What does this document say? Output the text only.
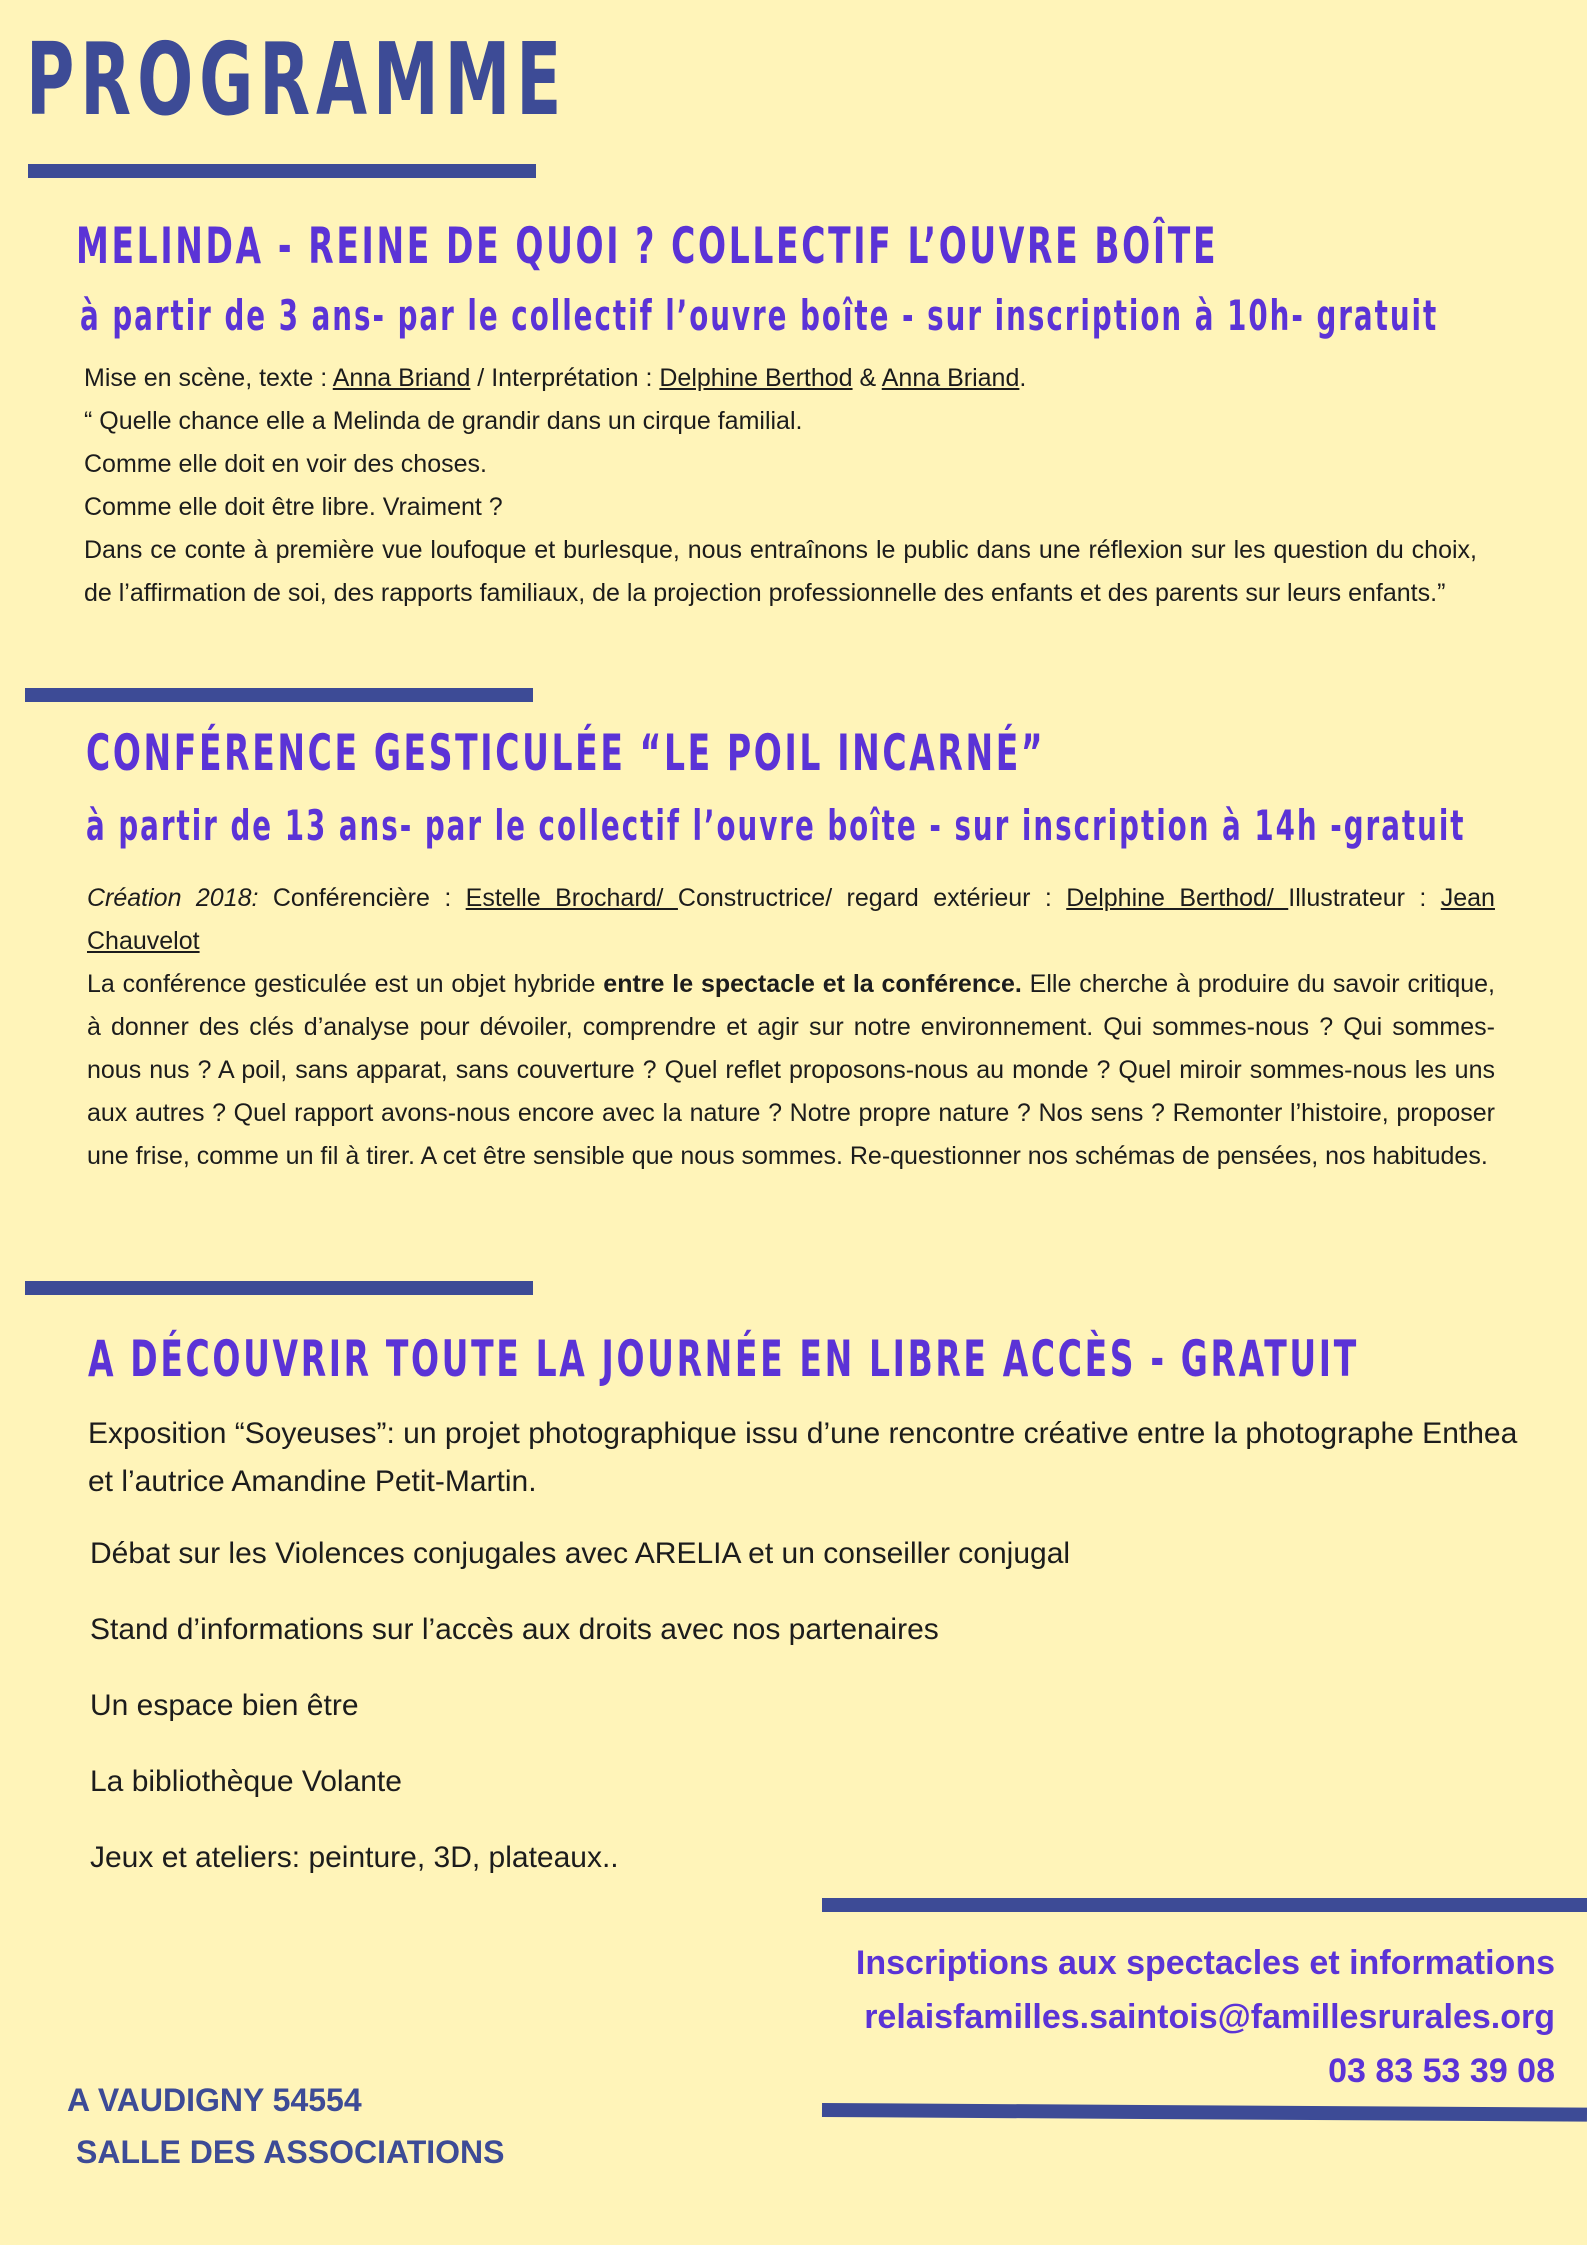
PROGRAMME
MELINDA - REINE DE QUOI ? COLLECTIF L’OUVRE BOÎTE
à partir de 3 ans- par le collectif l’ouvre boîte - sur inscription à 10h- gratuit

Mise en scène, texte : Anna Briand / Interprétation : Delphine Berthod & Anna Briand.

“ Quelle chance elle a Melinda de grandir dans un cirque familial.

Comme elle doit en voir des choses.

Comme elle doit être libre. Vraiment ?

Dans ce conte à première vue loufoque et burlesque, nous entraînons le public dans une réflexion sur les question du choix, de l’affirmation de soi, des rapports familiaux, de la projection professionnelle des enfants et des parents sur leurs enfants.”

CONFÉRENCE GESTICULÉE “LE POIL INCARNÉ”
à partir de 13 ans- par le collectif l’ouvre boîte - sur inscription à 14h -gratuit

Création 2018: Conférencière : Estelle Brochard/ Constructrice/ regard extérieur : Delphine Berthod/ Illustrateur : Jean Chauvelot

La conférence gesticulée est un objet hybride entre le spectacle et la conférence. Elle cherche à produire du savoir critique, à donner des clés d’analyse pour dévoiler, comprendre et agir sur notre environnement. Qui sommes-nous ? Qui sommes-nous nus ? A poil, sans apparat, sans couverture ? Quel reflet proposons-nous au monde ? Quel miroir sommes-nous les uns aux autres ? Quel rapport avons-nous encore avec la nature ? Notre propre nature ? Nos sens ? Remonter l’histoire, proposer une frise, comme un fil à tirer. A cet être sensible que nous sommes. Re-questionner nos schémas de pensées, nos habitudes.

A DÉCOUVRIR TOUTE LA JOURNÉE EN LIBRE ACCÈS - GRATUIT
Exposition “Soyeuses”: un projet photographique issu d’une rencontre créative entre la photographe Enthea et l’autrice Amandine Petit-Martin.
Débat sur les Violences conjugales avec ARELIA et un conseiller conjugal
Stand d’informations sur l’accès aux droits avec nos partenaires
Un espace bien être
La bibliothèque Volante
Jeux et ateliers: peinture, 3D, plateaux..
Inscriptions aux spectacles et informations
relaisfamilles.saintois@famillesrurales.org
03 83 53 39 08
A VAUDIGNY 54554
SALLE DES ASSOCIATIONS
